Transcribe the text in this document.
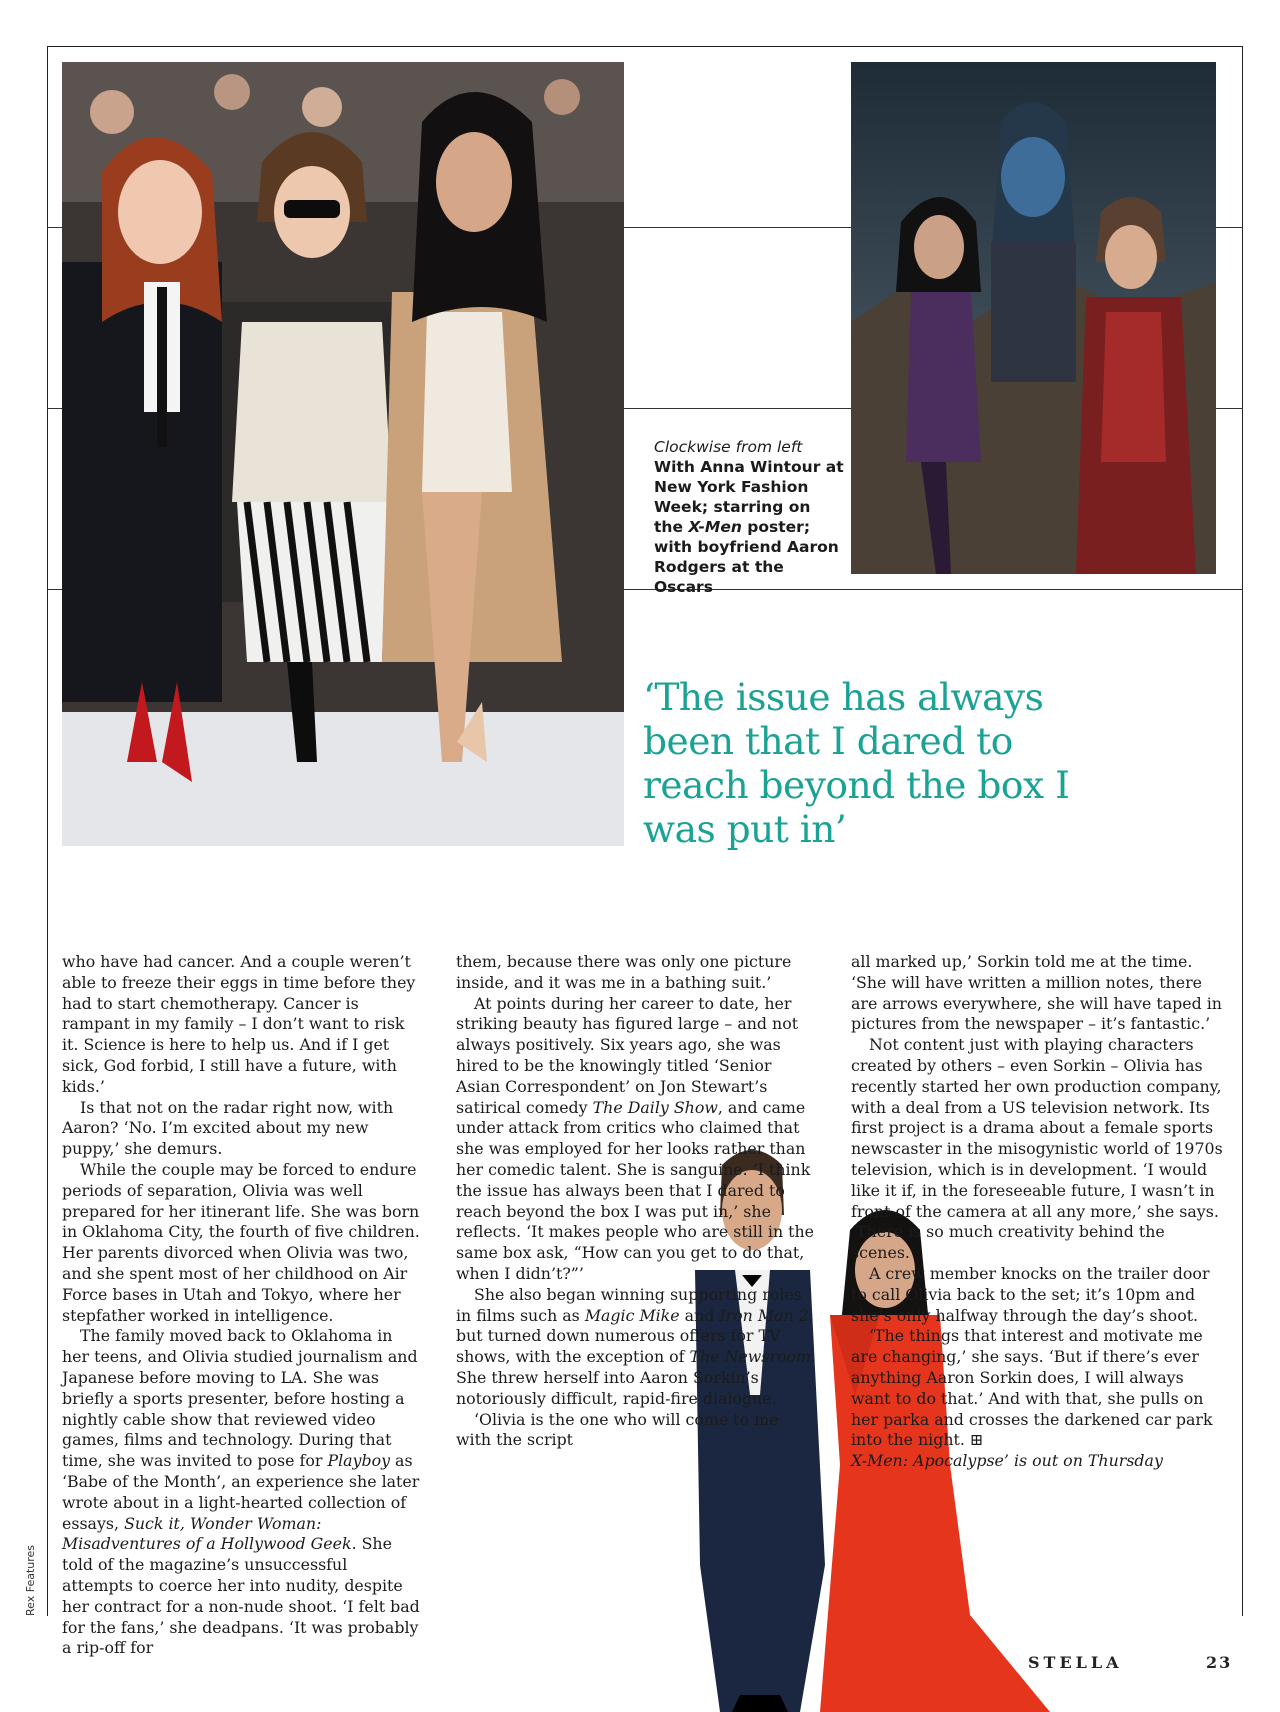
Clockwise from left
With Anna Wintour at New York Fashion Week; starring on the X-Men poster; with boyfriend Aaron Rodgers at the Oscars
‘The issue has always been that I dared to reach beyond the box I was put in’

who have had cancer. And a couple weren’t able to freeze their eggs in time before they had to start chemotherapy. Cancer is rampant in my family – I don’t want to risk it. Science is here to help us. And if I get sick, God forbid, I still have a future, with kids.’

Is that not on the radar right now, with Aaron? ‘No. I’m excited about my new puppy,’ she demurs.

While the couple may be forced to endure periods of separation, Olivia was well prepared for her itinerant life. She was born in Oklahoma City, the fourth of five children. Her parents divorced when Olivia was two, and she spent most of her childhood on Air Force bases in Utah and Tokyo, where her stepfather worked in intelligence.

The family moved back to Oklahoma in her teens, and Olivia studied journalism and Japanese before moving to LA. She was briefly a sports presenter, before hosting a nightly cable show that reviewed video games, films and technology. During that time, she was invited to pose for Playboy as ‘Babe of the Month’, an experience she later wrote about in a light-hearted collection of essays, Suck it, Wonder Woman: Misadventures of a Hollywood Geek. She told of the magazine’s unsuccessful attempts to coerce her into nudity, despite her contract for a non-nude shoot. ‘I felt bad for the fans,’ she deadpans. ‘It was probably a rip-off for

them, because there was only one picture inside, and it was me in a bathing suit.’

At points during her career to date, her striking beauty has figured large – and not always positively. Six years ago, she was hired to be the knowingly titled ‘Senior Asian Correspondent’ on Jon Stewart’s satirical comedy The Daily Show, and came under attack from critics who claimed that she was employed for her looks rather than her comedic talent. She is sanguine. ‘I think the issue has always been that I dared to reach beyond the box I was put in,’ she reflects. ‘It makes people who are still in the same box ask, “How can you get to do that, when I didn’t?”’

She also began winning supporting roles in films such as Magic Mike and Iron Man 2, but turned down numerous offers for TV shows, with the exception of The Newsroom. She threw herself into Aaron Sorkin’s notoriously difficult, rapid-fire dialogue.

‘Olivia is the one who will come to me with the script

all marked up,’ Sorkin told me at the time. ‘She will have written a million notes, there are arrows everywhere, she will have taped in pictures from the newspaper – it’s fantastic.’

Not content just with playing characters created by others – even Sorkin – Olivia has recently started her own production company, with a deal from a US television network. Its first project is a drama about a female sports newscaster in the misogynistic world of 1970s television, which is in development. ‘I would like it if, in the foreseeable future, I wasn’t in front of the camera at all any more,’ she says. ‘There is so much creativity behind the scenes.’

A crew member knocks on the trailer door to call Olivia back to the set; it’s 10pm and she’s only halfway through the day’s shoot.

‘The things that interest and motivate me are changing,’ she says. ‘But if there’s ever anything Aaron Sorkin does, I will always want to do that.’ And with that, she pulls on her parka and crosses the darkened car park into the night. ⊞

X-Men: Apocalypse’ is out on Thursday

Rex Features
STELLA	23
